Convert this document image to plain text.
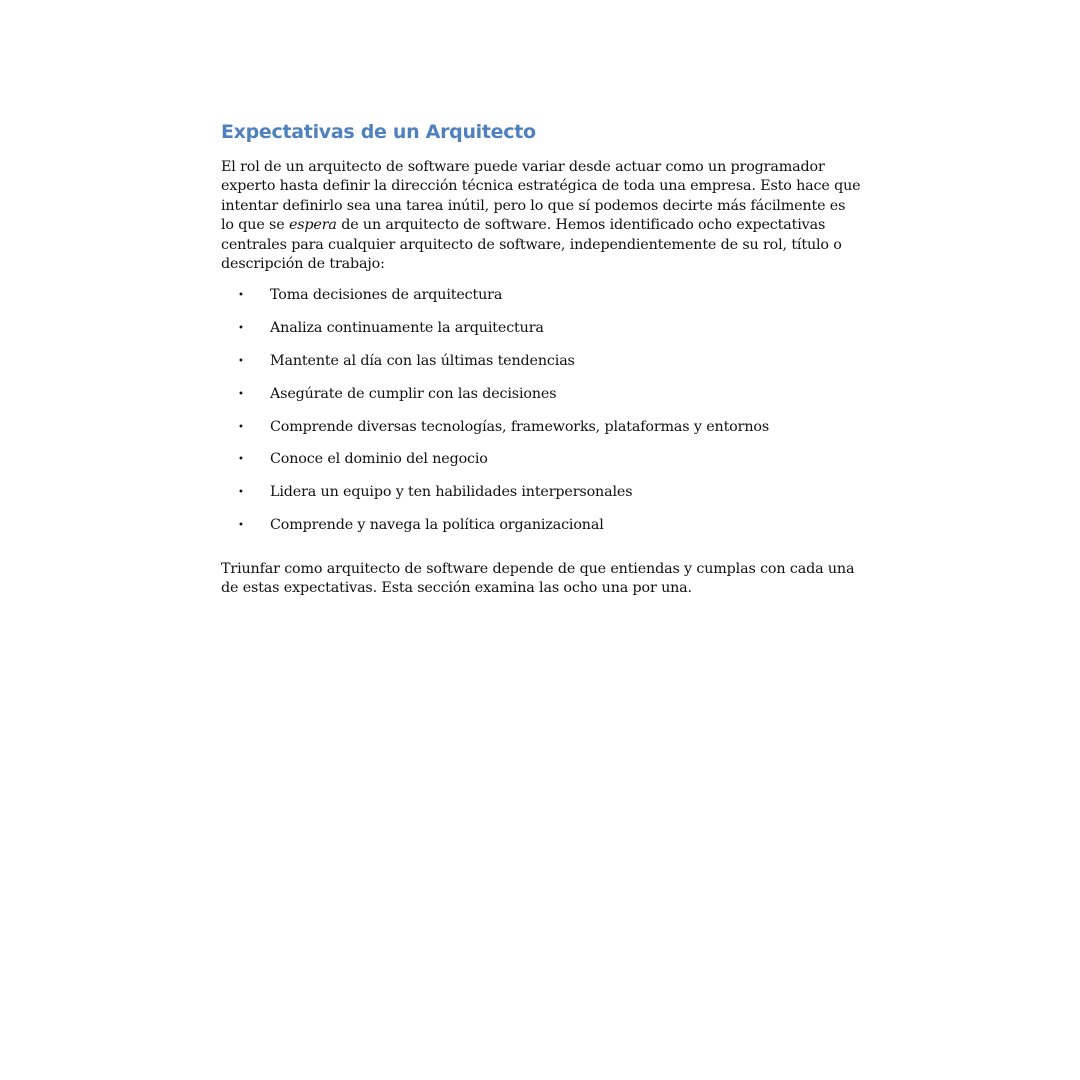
Expectativas de un Arquitecto

El rol de un arquitecto de software puede variar desde actuar como un programador experto hasta definir la dirección técnica estratégica de toda una empresa. Esto hace que intentar definirlo sea una tarea inútil, pero lo que sí podemos decirte más fácilmente es lo que se espera de un arquitecto de software. Hemos identificado ocho expectativas centrales para cualquier arquitecto de software, independientemente de su rol, título o descripción de trabajo:

• Toma decisiones de arquitectura
• Analiza continuamente la arquitectura
• Mantente al día con las últimas tendencias
• Asegúrate de cumplir con las decisiones
• Comprende diversas tecnologías, frameworks, plataformas y entornos
• Conoce el dominio del negocio
• Lidera un equipo y ten habilidades interpersonales
• Comprende y navega la política organizacional

Triunfar como arquitecto de software depende de que entiendas y cumplas con cada una de estas expectativas. Esta sección examina las ocho una por una.
